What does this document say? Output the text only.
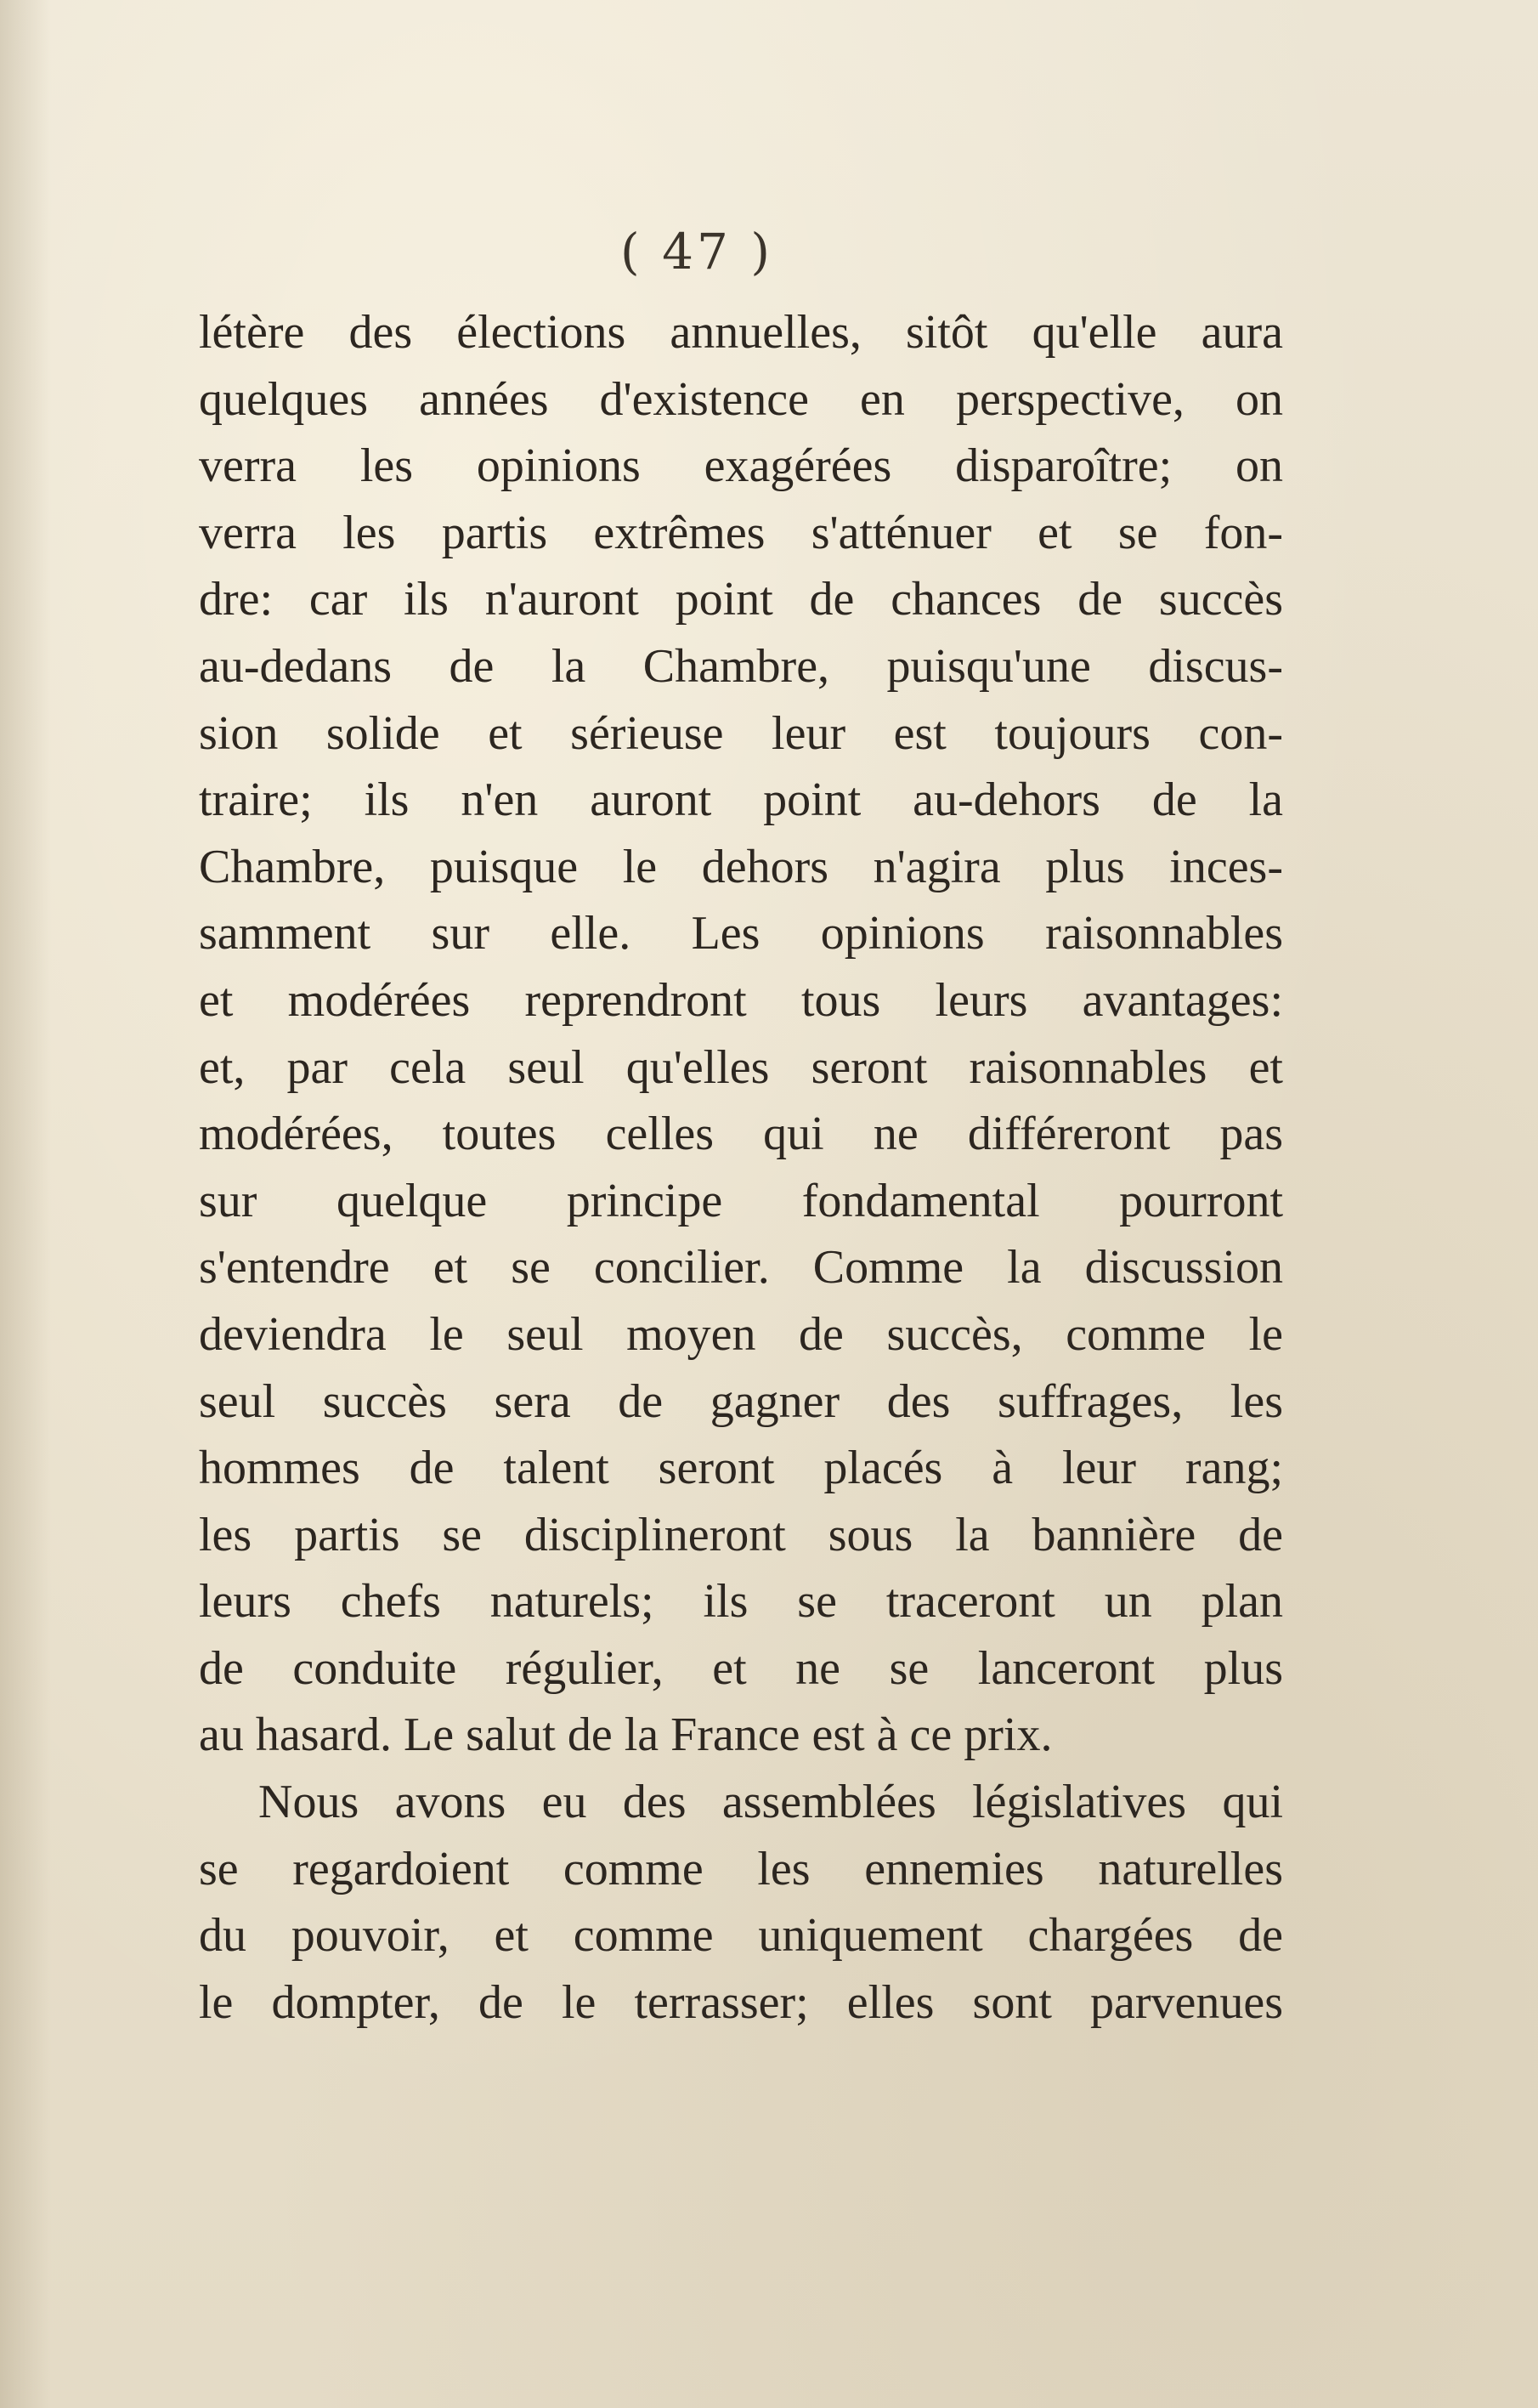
( 47 )
létère des élections annuelles, sitôt qu'elle aura
quelques années d'existence en perspective, on
verra les opinions exagérées disparoître; on
verra les partis extrêmes s'atténuer et se fon-
dre: car ils n'auront point de chances de succès
au-dedans de la Chambre, puisqu'une discus-
sion solide et sérieuse leur est toujours con-
traire; ils n'en auront point au-dehors de la
Chambre, puisque le dehors n'agira plus inces-
samment sur elle. Les opinions raisonnables
et modérées reprendront tous leurs avantages:
et, par cela seul qu'elles seront raisonnables et
modérées, toutes celles qui ne différeront pas
sur quelque principe fondamental pourront
s'entendre et se concilier. Comme la discussion
deviendra le seul moyen de succès, comme le
seul succès sera de gagner des suffrages, les
hommes de talent seront placés à leur rang;
les partis se disciplineront sous la bannière de
leurs chefs naturels; ils se traceront un plan
de conduite régulier, et ne se lanceront plus
au hasard. Le salut de la France est à ce prix.
Nous avons eu des assemblées législatives qui
se regardoient comme les ennemies naturelles
du pouvoir, et comme uniquement chargées de
le dompter, de le terrasser; elles sont parvenues
